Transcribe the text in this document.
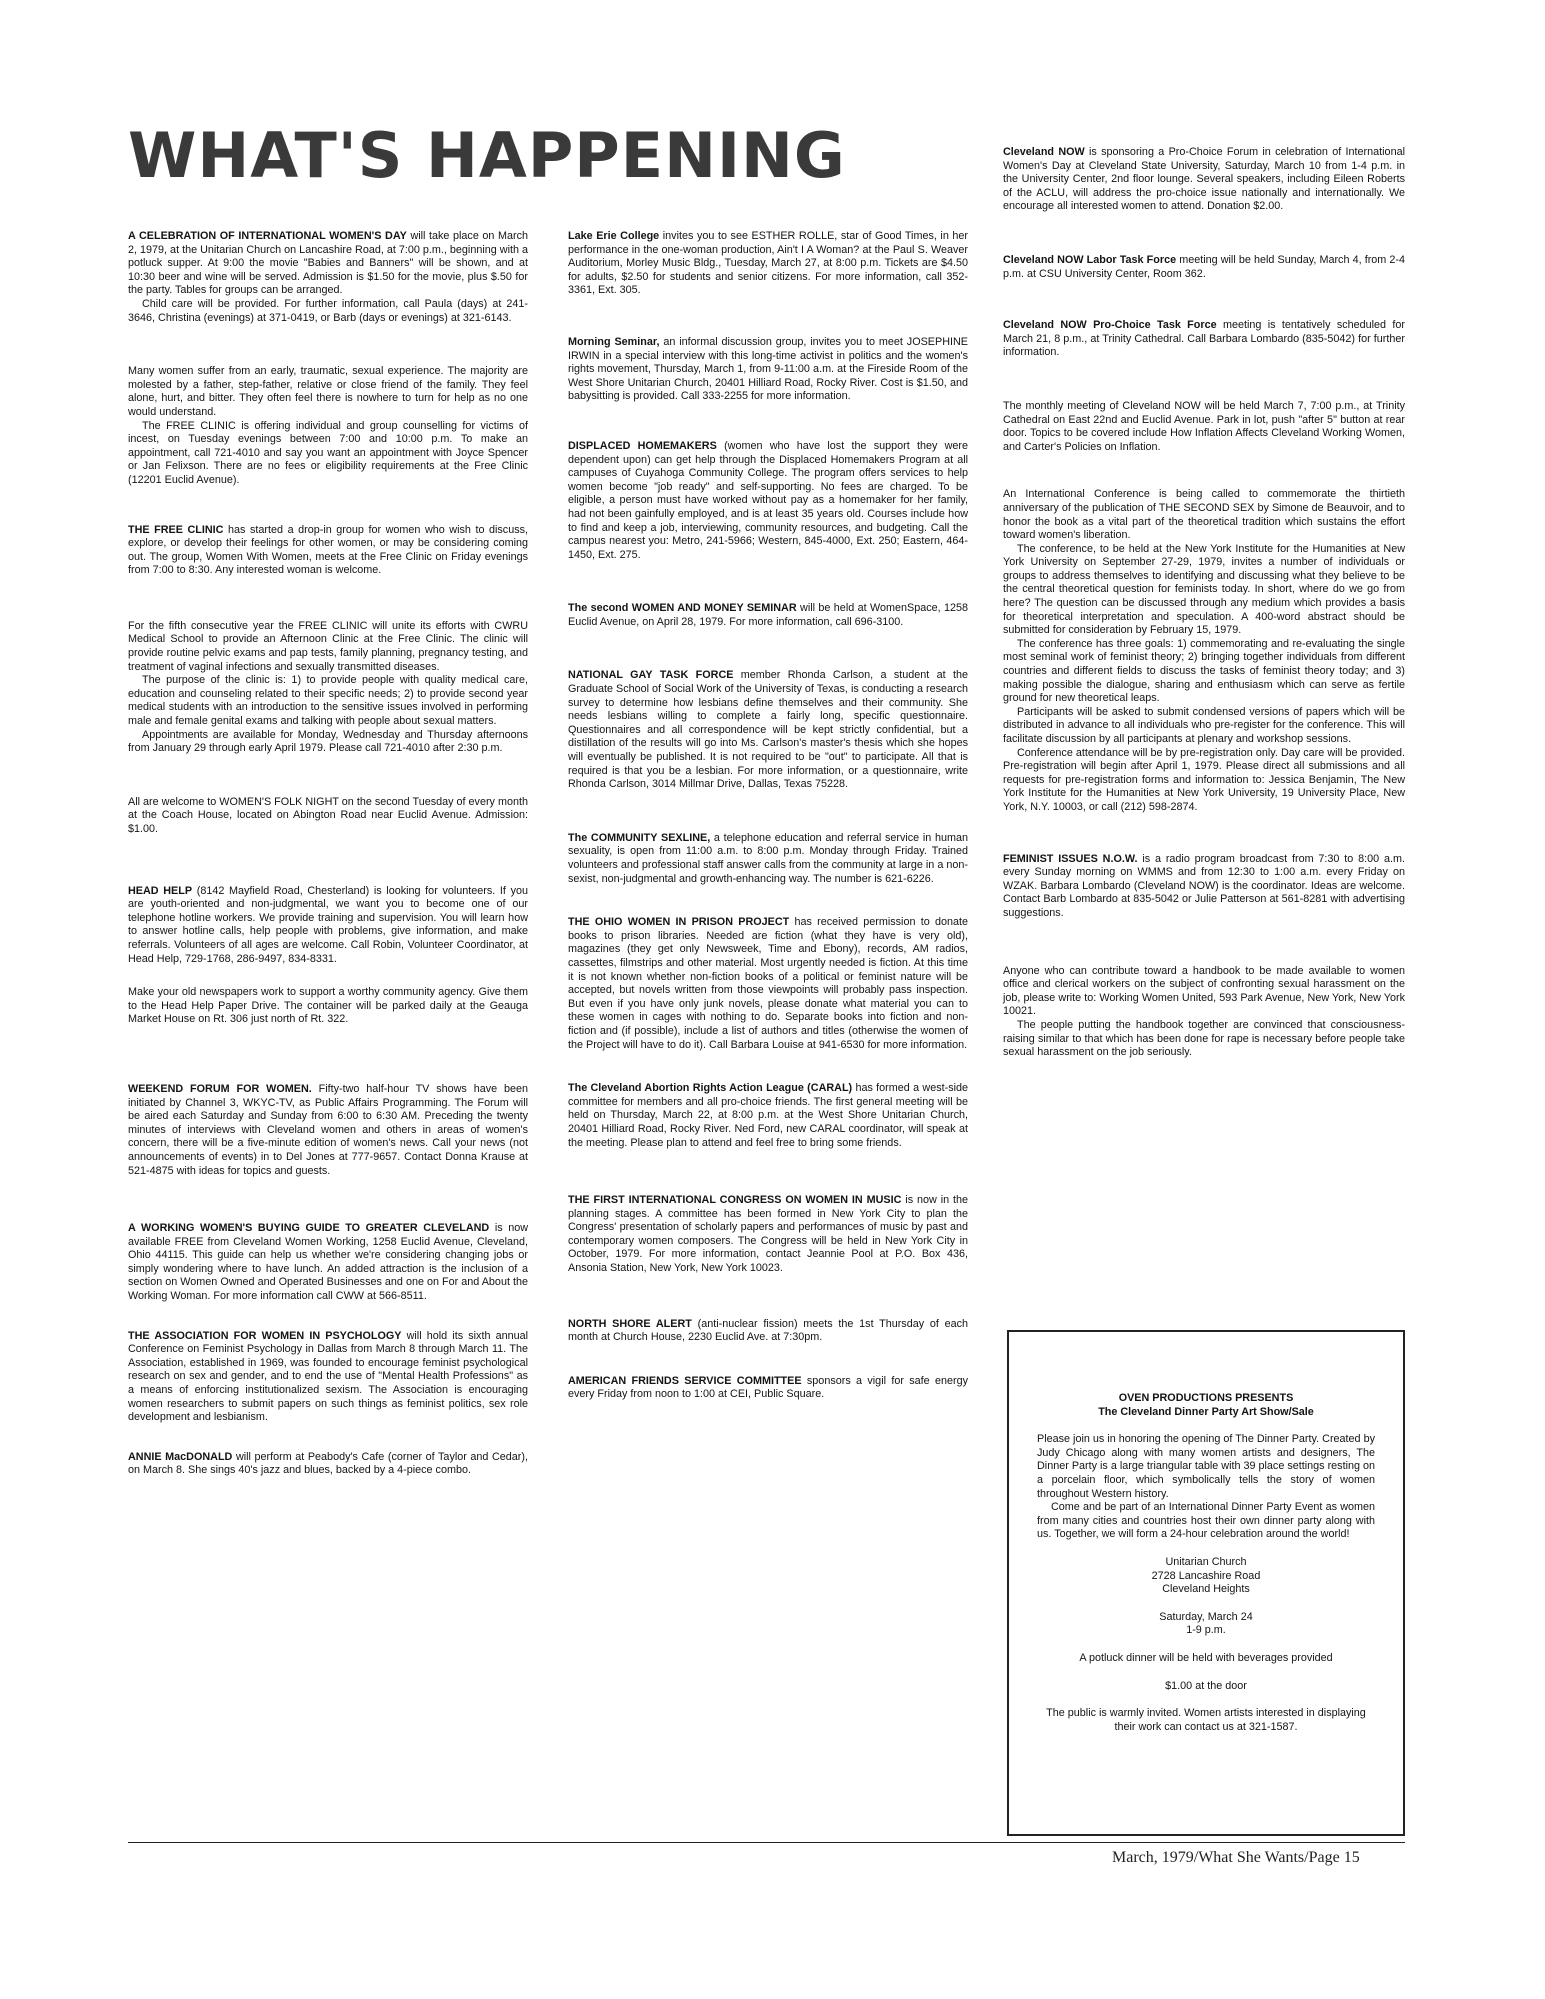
WHAT'S HAPPENING

A CELEBRATION OF INTERNATIONAL WOMEN'S DAY will take place on March 2, 1979, at the Unitarian Church on Lancashire Road, at 7:00 p.m., beginning with a potluck supper. At 9:00 the movie "Babies and Banners" will be shown, and at 10:30 beer and wine will be served. Admission is $1.50 for the movie, plus $.50 for the party. Tables for groups can be arranged.

Child care will be provided. For further information, call Paula (days) at 241-3646, Christina (evenings) at 371-0419, or Barb (days or evenings) at 321-6143.

Many women suffer from an early, traumatic, sexual experience. The majority are molested by a father, step-father, relative or close friend of the family. They feel alone, hurt, and bitter. They often feel there is nowhere to turn for help as no one would understand.

The FREE CLINIC is offering individual and group counselling for victims of incest, on Tuesday evenings between 7:00 and 10:00 p.m. To make an appointment, call 721-4010 and say you want an appointment with Joyce Spencer or Jan Felixson. There are no fees or eligibility requirements at the Free Clinic (12201 Euclid Avenue).

THE FREE CLINIC has started a drop-in group for women who wish to discuss, explore, or develop their feelings for other women, or may be considering coming out. The group, Women With Women, meets at the Free Clinic on Friday evenings from 7:00 to 8:30. Any interested woman is welcome.

For the fifth consecutive year the FREE CLINIC will unite its efforts with CWRU Medical School to provide an Afternoon Clinic at the Free Clinic. The clinic will provide routine pelvic exams and pap tests, family planning, pregnancy testing, and treatment of vaginal infections and sexually transmitted diseases.

The purpose of the clinic is: 1) to provide people with quality medical care, education and counseling related to their specific needs; 2) to provide second year medical students with an introduction to the sensitive issues involved in performing male and female genital exams and talking with people about sexual matters.

Appointments are available for Monday, Wednesday and Thursday afternoons from January 29 through early April 1979. Please call 721-4010 after 2:30 p.m.

All are welcome to WOMEN'S FOLK NIGHT on the second Tuesday of every month at the Coach House, located on Abington Road near Euclid Avenue. Admission: $1.00.

HEAD HELP (8142 Mayfield Road, Chesterland) is looking for volunteers. If you are youth-oriented and non-judgmental, we want you to become one of our telephone hotline workers. We provide training and supervision. You will learn how to answer hotline calls, help people with problems, give information, and make referrals. Volunteers of all ages are welcome. Call Robin, Volunteer Coordinator, at Head Help, 729-1768, 286-9497, 834-8331.

Make your old newspapers work to support a worthy community agency. Give them to the Head Help Paper Drive. The container will be parked daily at the Geauga Market House on Rt. 306 just north of Rt. 322.

WEEKEND FORUM FOR WOMEN. Fifty-two half-hour TV shows have been initiated by Channel 3, WKYC-TV, as Public Affairs Programming. The Forum will be aired each Saturday and Sunday from 6:00 to 6:30 AM. Preceding the twenty minutes of interviews with Cleveland women and others in areas of women's concern, there will be a five-minute edition of women's news. Call your news (not announcements of events) in to Del Jones at 777-9657. Contact Donna Krause at 521-4875 with ideas for topics and guests.

A WORKING WOMEN'S BUYING GUIDE TO GREATER CLEVELAND is now available FREE from Cleveland Women Working, 1258 Euclid Avenue, Cleveland, Ohio 44115. This guide can help us whether we're considering changing jobs or simply wondering where to have lunch. An added attraction is the inclusion of a section on Women Owned and Operated Businesses and one on For and About the Working Woman. For more information call CWW at 566-8511.

THE ASSOCIATION FOR WOMEN IN PSYCHOLOGY will hold its sixth annual Conference on Feminist Psychology in Dallas from March 8 through March 11. The Association, established in 1969, was founded to encourage feminist psychological research on sex and gender, and to end the use of "Mental Health Professions" as a means of enforcing institutionalized sexism. The Association is encouraging women researchers to submit papers on such things as feminist politics, sex role development and lesbianism.

ANNIE MacDONALD will perform at Peabody's Cafe (corner of Taylor and Cedar), on March 8. She sings 40's jazz and blues, backed by a 4-piece combo.

Lake Erie College invites you to see ESTHER ROLLE, star of Good Times, in her performance in the one-woman production, Ain't I A Woman? at the Paul S. Weaver Auditorium, Morley Music Bldg., Tuesday, March 27, at 8:00 p.m. Tickets are $4.50 for adults, $2.50 for students and senior citizens. For more information, call 352-3361, Ext. 305.

Morning Seminar, an informal discussion group, invites you to meet JOSEPHINE IRWIN in a special interview with this long-time activist in politics and the women's rights movement, Thursday, March 1, from 9-11:00 a.m. at the Fireside Room of the West Shore Unitarian Church, 20401 Hilliard Road, Rocky River. Cost is $1.50, and babysitting is provided. Call 333-2255 for more information.

DISPLACED HOMEMAKERS (women who have lost the support they were dependent upon) can get help through the Displaced Homemakers Program at all campuses of Cuyahoga Community College. The program offers services to help women become "job ready" and self-supporting. No fees are charged. To be eligible, a person must have worked without pay as a homemaker for her family, had not been gainfully employed, and is at least 35 years old. Courses include how to find and keep a job, interviewing, community resources, and budgeting. Call the campus nearest you: Metro, 241-5966; Western, 845-4000, Ext. 250; Eastern, 464-1450, Ext. 275.

The second WOMEN AND MONEY SEMINAR will be held at WomenSpace, 1258 Euclid Avenue, on April 28, 1979. For more information, call 696-3100.

NATIONAL GAY TASK FORCE member Rhonda Carlson, a student at the Graduate School of Social Work of the University of Texas, is conducting a research survey to determine how lesbians define themselves and their community. She needs lesbians willing to complete a fairly long, specific questionnaire. Questionnaires and all correspondence will be kept strictly confidential, but a distillation of the results will go into Ms. Carlson's master's thesis which she hopes will eventually be published. It is not required to be "out" to participate. All that is required is that you be a lesbian. For more information, or a questionnaire, write Rhonda Carlson, 3014 Millmar Drive, Dallas, Texas 75228.

The COMMUNITY SEXLINE, a telephone education and referral service in human sexuality, is open from 11:00 a.m. to 8:00 p.m. Monday through Friday. Trained volunteers and professional staff answer calls from the community at large in a non-sexist, non-judgmental and growth-enhancing way. The number is 621-6226.

THE OHIO WOMEN IN PRISON PROJECT has received permission to donate books to prison libraries. Needed are fiction (what they have is very old), magazines (they get only Newsweek, Time and Ebony), records, AM radios, cassettes, filmstrips and other material. Most urgently needed is fiction. At this time it is not known whether non-fiction books of a political or feminist nature will be accepted, but novels written from those viewpoints will probably pass inspection. But even if you have only junk novels, please donate what material you can to these women in cages with nothing to do. Separate books into fiction and non-fiction and (if possible), include a list of authors and titles (otherwise the women of the Project will have to do it). Call Barbara Louise at 941-6530 for more information.

The Cleveland Abortion Rights Action League (CARAL) has formed a west-side committee for members and all pro-choice friends. The first general meeting will be held on Thursday, March 22, at 8:00 p.m. at the West Shore Unitarian Church, 20401 Hilliard Road, Rocky River. Ned Ford, new CARAL coordinator, will speak at the meeting. Please plan to attend and feel free to bring some friends.

THE FIRST INTERNATIONAL CONGRESS ON WOMEN IN MUSIC is now in the planning stages. A committee has been formed in New York City to plan the Congress' presentation of scholarly papers and performances of music by past and contemporary women composers. The Congress will be held in New York City in October, 1979. For more information, contact Jeannie Pool at P.O. Box 436, Ansonia Station, New York, New York 10023.

NORTH SHORE ALERT (anti-nuclear fission) meets the 1st Thursday of each month at Church House, 2230 Euclid Ave. at 7:30pm.

AMERICAN FRIENDS SERVICE COMMITTEE sponsors a vigil for safe energy every Friday from noon to 1:00 at CEI, Public Square.

Cleveland NOW is sponsoring a Pro-Choice Forum in celebration of International Women's Day at Cleveland State University, Saturday, March 10 from 1-4 p.m. in the University Center, 2nd floor lounge. Several speakers, including Eileen Roberts of the ACLU, will address the pro-choice issue nationally and internationally. We encourage all interested women to attend. Donation $2.00.

Cleveland NOW Labor Task Force meeting will be held Sunday, March 4, from 2-4 p.m. at CSU University Center, Room 362.

Cleveland NOW Pro-Choice Task Force meeting is tentatively scheduled for March 21, 8 p.m., at Trinity Cathedral. Call Barbara Lombardo (835-5042) for further information.

The monthly meeting of Cleveland NOW will be held March 7, 7:00 p.m., at Trinity Cathedral on East 22nd and Euclid Avenue. Park in lot, push "after 5" button at rear door. Topics to be covered include How Inflation Affects Cleveland Working Women, and Carter's Policies on Inflation.

An International Conference is being called to commemorate the thirtieth anniversary of the publication of THE SECOND SEX by Simone de Beauvoir, and to honor the book as a vital part of the theoretical tradition which sustains the effort toward women's liberation.

The conference, to be held at the New York Institute for the Humanities at New York University on September 27-29, 1979, invites a number of individuals or groups to address themselves to identifying and discussing what they believe to be the central theoretical question for feminists today. In short, where do we go from here? The question can be discussed through any medium which provides a basis for theoretical interpretation and speculation. A 400-word abstract should be submitted for consideration by February 15, 1979.

The conference has three goals: 1) commemorating and re-evaluating the single most seminal work of feminist theory; 2) bringing together individuals from different countries and different fields to discuss the tasks of feminist theory today; and 3) making possible the dialogue, sharing and enthusiasm which can serve as fertile ground for new theoretical leaps.

Participants will be asked to submit condensed versions of papers which will be distributed in advance to all individuals who pre-register for the conference. This will facilitate discussion by all participants at plenary and workshop sessions.

Conference attendance will be by pre-registration only. Day care will be provided. Pre-registration will begin after April 1, 1979. Please direct all submissions and all requests for pre-registration forms and information to: Jessica Benjamin, The New York Institute for the Humanities at New York University, 19 University Place, New York, N.Y. 10003, or call (212) 598-2874.

FEMINIST ISSUES N.O.W. is a radio program broadcast from 7:30 to 8:00 a.m. every Sunday morning on WMMS and from 12:30 to 1:00 a.m. every Friday on WZAK. Barbara Lombardo (Cleveland NOW) is the coordinator. Ideas are welcome. Contact Barb Lombardo at 835-5042 or Julie Patterson at 561-8281 with advertising suggestions.

Anyone who can contribute toward a handbook to be made available to women office and clerical workers on the subject of confronting sexual harassment on the job, please write to: Working Women United, 593 Park Avenue, New York, New York 10021.

The people putting the handbook together are convinced that consciousness-raising similar to that which has been done for rape is necessary before people take sexual harassment on the job seriously.

OVEN PRODUCTIONS PRESENTS
The Cleveland Dinner Party Art Show/Sale

Please join us in honoring the opening of The Dinner Party. Created by Judy Chicago along with many women artists and designers, The Dinner Party is a large triangular table with 39 place settings resting on a porcelain floor, which symbolically tells the story of women throughout Western history.

Come and be part of an International Dinner Party Event as women from many cities and countries host their own dinner party along with us. Together, we will form a 24-hour celebration around the world!

Unitarian Church

2728 Lancashire Road

Cleveland Heights

Saturday, March 24

1-9 p.m.

A potluck dinner will be held with beverages provided

$1.00 at the door

The public is warmly invited. Women artists interested in displaying their work can contact us at 321-1587.

March, 1979/What She Wants/Page 15
